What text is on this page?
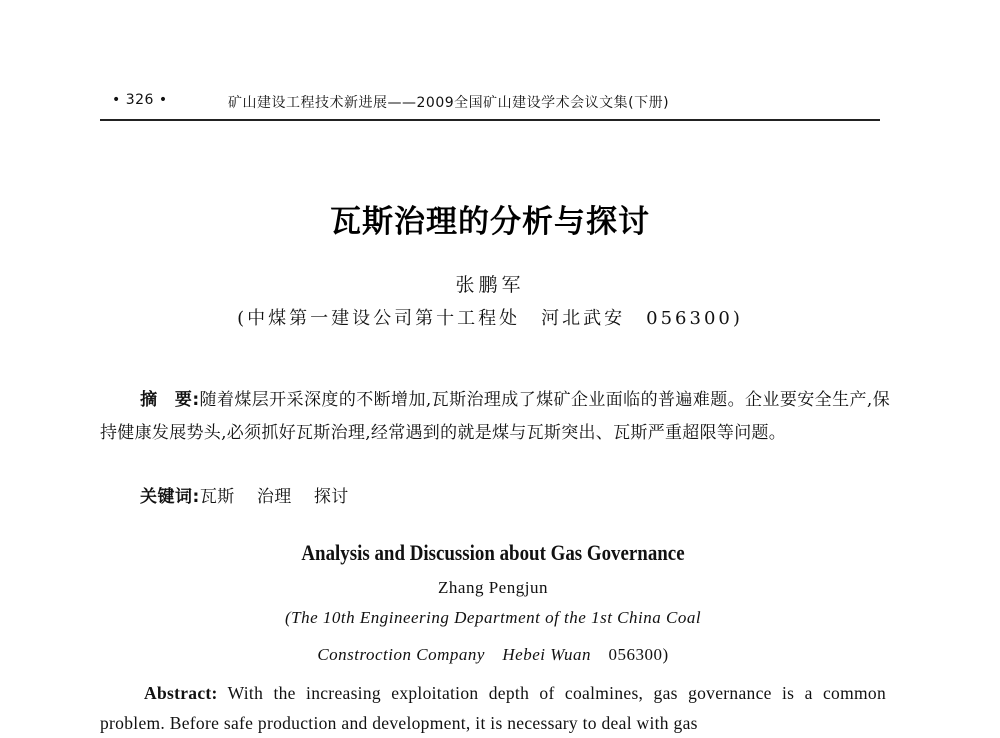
• 326 •	矿山建设工程技术新进展——2009全国矿山建设学术会议文集(下册)
瓦斯治理的分析与探讨
张鹏军
(中煤第一建设公司第十工程处　河北武安　056300)
摘　要:随着煤层开采深度的不断增加,瓦斯治理成了煤矿企业面临的普遍难题。企业要安全生产,保持健康发展势头,必须抓好瓦斯治理,经常遇到的就是煤与瓦斯突出、瓦斯严重超限等问题。
关键词:瓦斯 治理 探讨
Analysis and Discussion about Gas Governance
Zhang Pengjun
(The 10th Engineering Department of the 1st China Coal
Constroction Company　Hebei Wuan　 056300)
Abstract: With the increasing exploitation depth of coalmines, gas governance is a common problem. Before safe production and development, it is necessary to deal with gas
